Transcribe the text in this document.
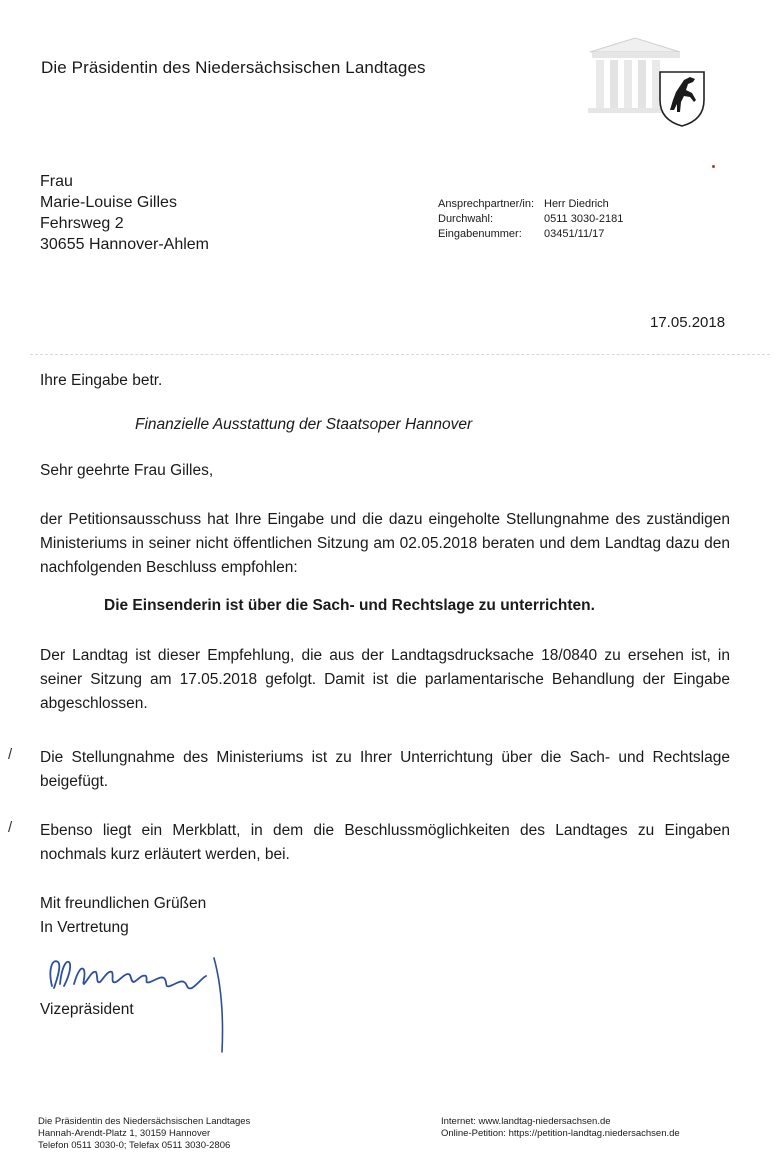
Die Präsidentin des Niedersächsischen Landtages
Frau
Marie-Louise Gilles
Fehrsweg 2
30655 Hannover-Ahlem
Ansprechpartner/in: Herr Diedrich
Durchwahl:	0511 3030-2181
Eingabenummer:	03451/11/17
17.05.2018
Ihre Eingabe betr.
Finanzielle Ausstattung der Staatsoper Hannover
Sehr geehrte Frau Gilles,
der Petitionsausschuss hat Ihre Eingabe und die dazu eingeholte Stellungnahme des zuständigen Ministeriums in seiner nicht öffentlichen Sitzung am 02.05.2018 beraten und dem Landtag dazu den nachfolgenden Beschluss empfohlen:
Die Einsenderin ist über die Sach- und Rechtslage zu unterrichten.
Der Landtag ist dieser Empfehlung, die aus der Landtagsdrucksache 18/0840 zu ersehen ist, in seiner Sitzung am 17.05.2018 gefolgt. Damit ist die parlamentarische Behandlung der Eingabe abgeschlossen.
/ Die Stellungnahme des Ministeriums ist zu Ihrer Unterrichtung über die Sach- und Rechtslage beigefügt.
/ Ebenso liegt ein Merkblatt, in dem die Beschlussmöglichkeiten des Landtages zu Eingaben nochmals kurz erläutert werden, bei.
Mit freundlichen Grüßen
In Vertretung
Vizepräsident
Die Präsidentin des Niedersächsischen Landtages
Hannah-Arendt-Platz 1, 30159 Hannover
Telefon 0511 3030-0; Telefax 0511 3030-2806
Internet: www.landtag-niedersachsen.de
Online-Petition: https://petition-landtag.niedersachsen.de
